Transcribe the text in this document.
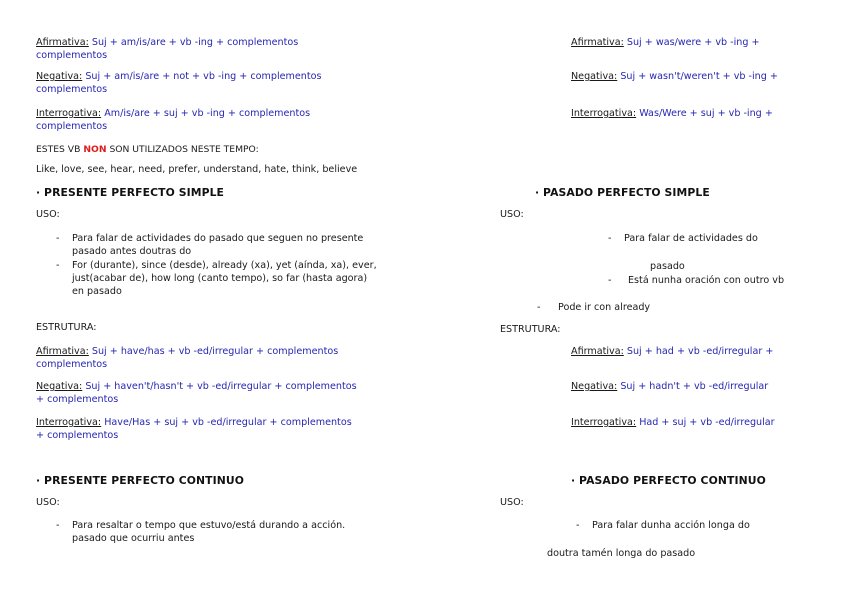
Afirmativa: Suj + am/is/are + vb -ing + complementos
complementos
Negativa: Suj + am/is/are + not + vb -ing + complementos
complementos
Interrogativa: Am/is/are + suj + vb -ing + complementos
complementos
ESTES VB NON SON UTILIZADOS NESTE TEMPO:
Like, love, see, hear, need, prefer, understand, hate, think, believe
· PRESENTE PERFECTO SIMPLE
USO:
- Para falar de actividades do pasado que seguen no presente
pasado antes doutras do
- For (durante), since (desde), already (xa), yet (aínda, xa), ever,
just(acabar de), how long (canto tempo), so far (hasta agora)
en pasado
ESTRUTURA:
Afirmativa: Suj + have/has + vb -ed/irregular + complementos
complementos
Negativa: Suj + haven't/hasn't + vb -ed/irregular + complementos
+ complementos
Interrogativa: Have/Has + suj + vb -ed/irregular + complementos
+ complementos
· PRESENTE PERFECTO CONTINUO
USO:
- Para resaltar o tempo que estuvo/está durando a acción.
pasado que ocurriu antes
Afirmativa: Suj + was/were + vb -ing +
Negativa: Suj + wasn't/weren't + vb -ing +
Interrogativa: Was/Were + suj + vb -ing +
· PASADO PERFECTO SIMPLE
USO:
- Para falar de actividades do
pasado
- Está nunha oración con outro vb
- Pode ir con already
ESTRUTURA:
Afirmativa: Suj + had + vb -ed/irregular +
Negativa: Suj + hadn't + vb -ed/irregular
Interrogativa: Had + suj + vb -ed/irregular
· PASADO PERFECTO CONTINUO
USO:
- Para falar dunha acción longa do
doutra tamén longa do pasado
